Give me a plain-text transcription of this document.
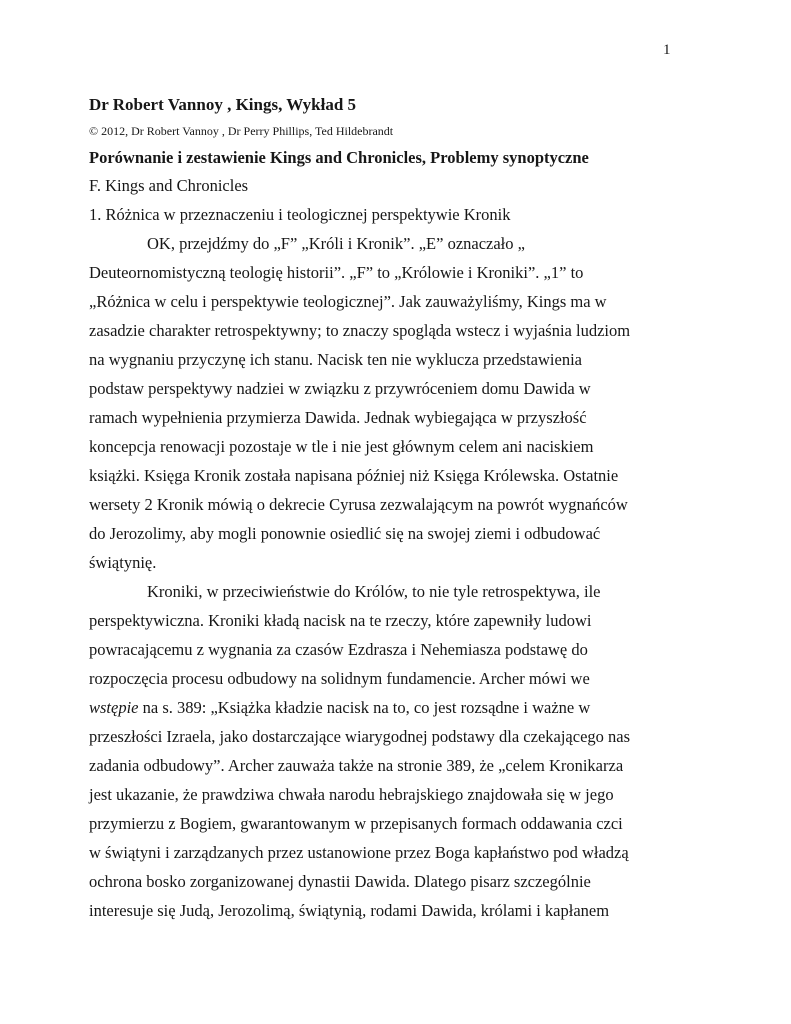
1
Dr Robert Vannoy , Kings, Wykład 5
© 2012, Dr Robert Vannoy , Dr Perry Phillips, Ted Hildebrandt
Porównanie i zestawienie Kings and Chronicles, Problemy synoptyczne
F. Kings and Chronicles
1. Różnica w przeznaczeniu i teologicznej perspektywie Kronik
OK, przejdźmy do „F” „Króli i Kronik”. „E” oznaczało „
Deuteornomistyczną teologię historii”. „F” to „Królowie i Kroniki”. „1” to
„Różnica w celu i perspektywie teologicznej”. Jak zauważyliśmy, Kings ma w
zasadzie charakter retrospektywny; to znaczy spogląda wstecz i wyjaśnia ludziom
na wygnaniu przyczynę ich stanu. Nacisk ten nie wyklucza przedstawienia
podstaw perspektywy nadziei w związku z przywróceniem domu Dawida w
ramach wypełnienia przymierza Dawida. Jednak wybiegająca w przyszłość
koncepcja renowacji pozostaje w tle i nie jest głównym celem ani naciskiem
książki. Księga Kronik została napisana później niż Księga Królewska. Ostatnie
wersety 2 Kronik mówią o dekrecie Cyrusa zezwalającym na powrót wygnańców
do Jerozolimy, aby mogli ponownie osiedlić się na swojej ziemi i odbudować
świątynię.
Kroniki, w przeciwieństwie do Królów, to nie tyle retrospektywa, ile
perspektywiczna. Kroniki kładą nacisk na te rzeczy, które zapewniły ludowi
powracającemu z wygnania za czasów Ezdrasza i Nehemiasza podstawę do
rozpoczęcia procesu odbudowy na solidnym fundamencie. Archer mówi we
wstępie na s. 389: „Książka kładzie nacisk na to, co jest rozsądne i ważne w
przeszłości Izraela, jako dostarczające wiarygodnej podstawy dla czekającego nas
zadania odbudowy”. Archer zauważa także na stronie 389, że „celem Kronikarza
jest ukazanie, że prawdziwa chwała narodu hebrajskiego znajdowała się w jego
przymierzu z Bogiem, gwarantowanym w przepisanych formach oddawania czci
w świątyni i zarządzanych przez ustanowione przez Boga kapłaństwo pod władzą
ochrona bosko zorganizowanej dynastii Dawida. Dlatego pisarz szczególnie
interesuje się Judą, Jerozolimą, świątynią, rodami Dawida, królami i kapłanem
